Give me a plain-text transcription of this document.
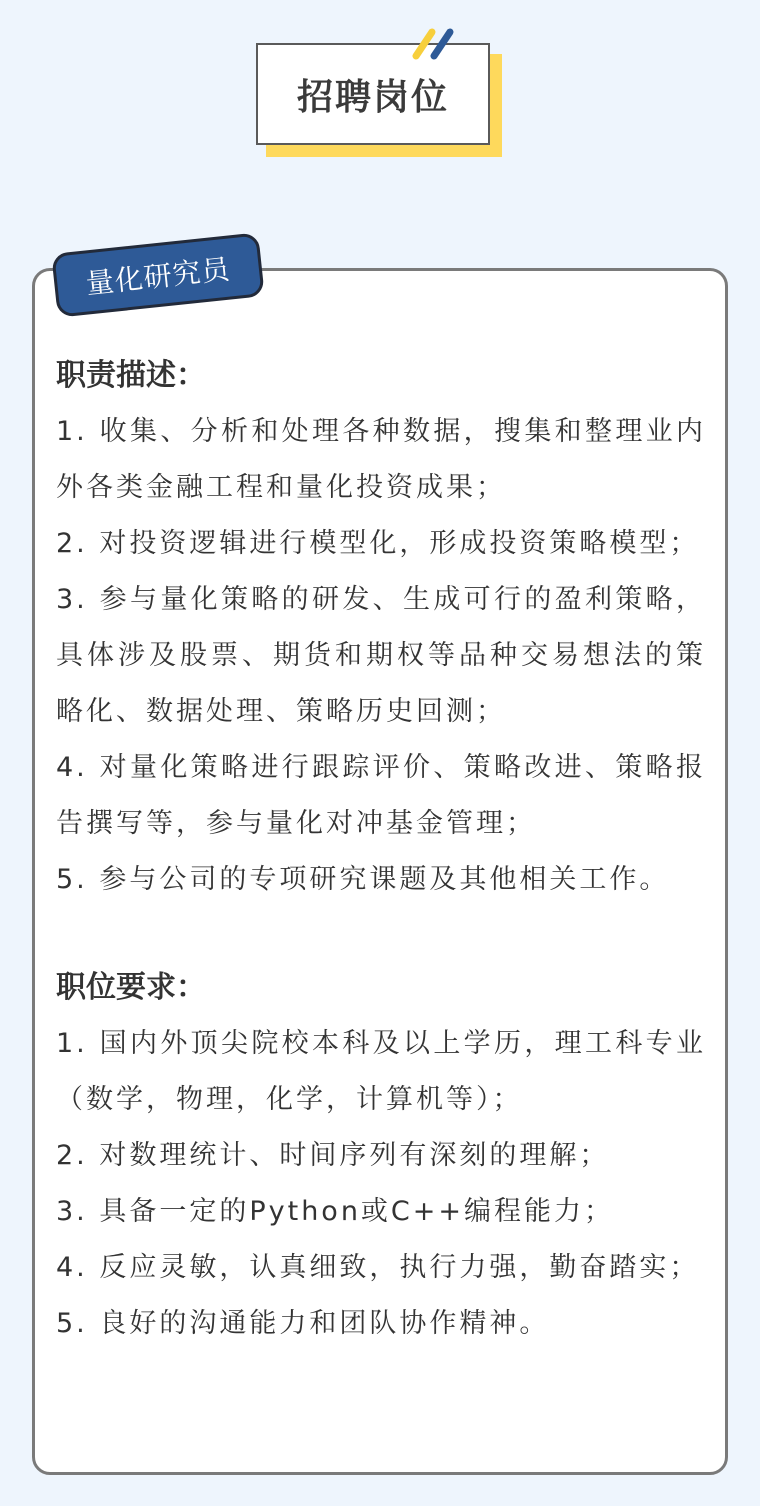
招聘岗位
量化研究员

职责描述：

1. 收集、分析和处理各种数据，搜集和整理业内外各类金融工程和量化投资成果；

2. 对投资逻辑进行模型化，形成投资策略模型；

3. 参与量化策略的研发、生成可行的盈利策略，具体涉及股票、期货和期权等品种交易想法的策略化、数据处理、策略历史回测；

4. 对量化策略进行跟踪评价、策略改进、策略报告撰写等，参与量化对冲基金管理；

5. 参与公司的专项研究课题及其他相关工作。

职位要求：

1. 国内外顶尖院校本科及以上学历，理工科专业（数学，物理，化学，计算机等）；

2. 对数理统计、时间序列有深刻的理解；

3. 具备一定的Python或C++编程能力；

4. 反应灵敏，认真细致，执行力强，勤奋踏实；

5. 良好的沟通能力和团队协作精神。
